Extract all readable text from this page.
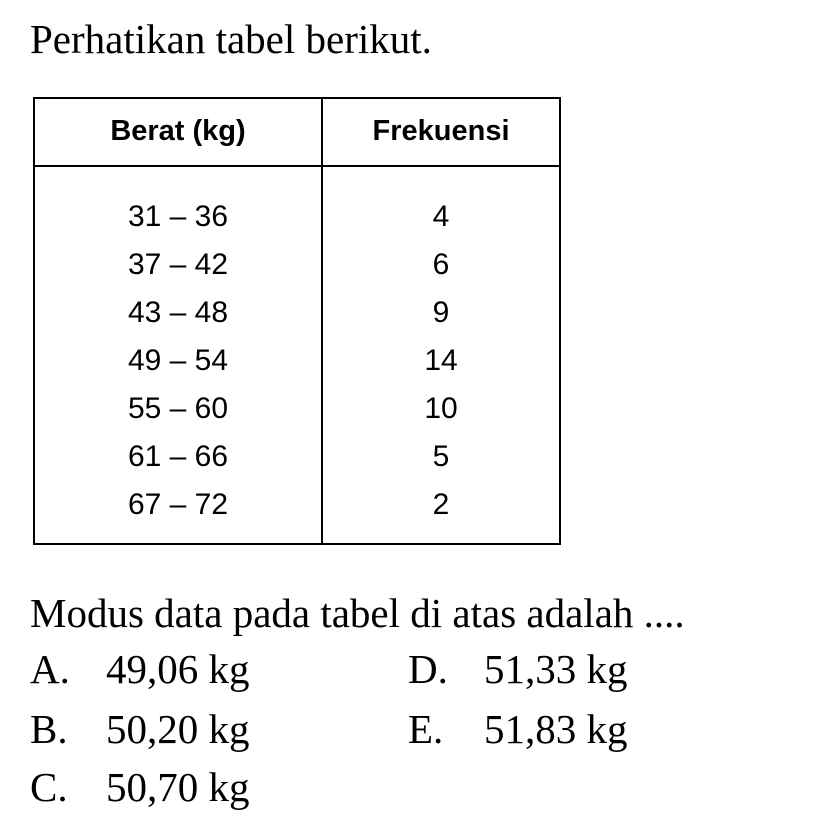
Perhatikan tabel berikut.
Berat (kg)	Frekuensi
31 – 36
37 – 42
43 – 48
49 – 54
55 – 60
61 – 66
67 – 72
4
6
9
14
10
5
2
Modus data pada tabel di atas adalah ....
A. 49,06 kg
B. 50,20 kg
C. 50,70 kg
D. 51,33 kg
E. 51,83 kg
